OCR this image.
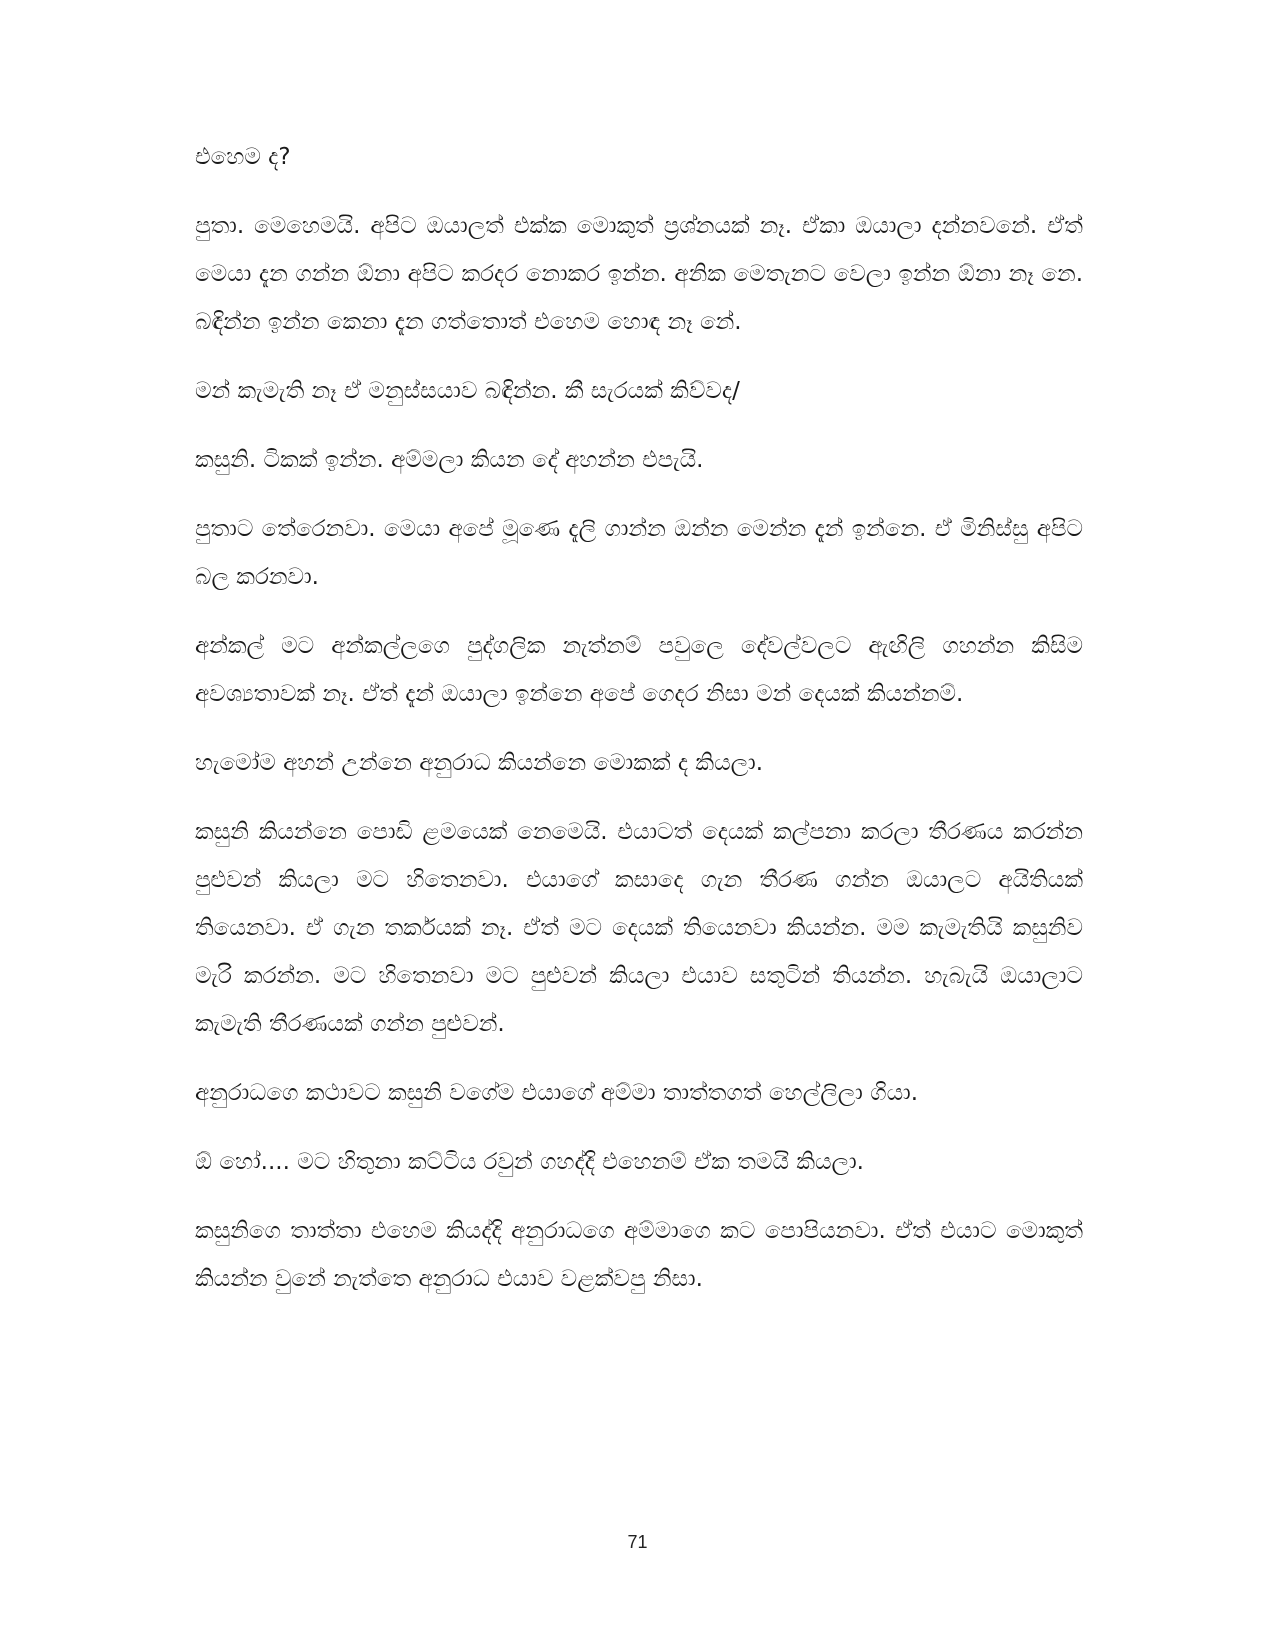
එහෙම ද?

පුතා. මෙහෙමයි. අපිට ඔයාලත් එක්ක මොකුත් ප්‍රශ්නයක් නෑ. ඒකා ඔයාලා දන්නවනේ. ඒත් මෙයා දැන ගන්න ඕනා අපිට කරදර නොකර ඉන්න. අනික මෙතැනට වෙලා ඉන්න ඕනා නෑ නෙ. බඳින්න ඉන්න කෙනා දැන ගත්තොත් එහෙම හොඳ නෑ නේ.

මන් කැමැති නෑ ඒ මනුස්සයාව බඳින්න. කී සැරයක් කිව්වද/

කසුනි. ටිකක් ඉන්න. අම්මලා කියන දේ අහන්න එපැයි.

පුතාට තේරෙනවා. මෙයා අපේ මූණෙ දැලි ගාන්න ඔන්න මෙන්න දැන් ඉන්නෙ. ඒ මිනිස්සු අපිට බල කරනවා.

අන්කල් මට අන්කල්ලගෙ පුද්ගලික නැත්නම් පවුලෙ දේවල්වලට ඇඟිලි ගහන්න කිසිම අවශ්‍යතාවක් නෑ. ඒත් දැන් ඔයාලා ඉන්නෙ අපේ ගෙදර නිසා මන් දෙයක් කියන්නම්.

හැමෝම අහන් උන්නෙ අනුරාධ කියන්නෙ මොකක් ද කියලා.

කසුනි කියන්නෙ පොඩි ළමයෙක් නෙමෙයි. එයාටත් දෙයක් කල්පනා කරලා තීරණය කරන්න පුළුවන් කියලා මට හිතෙනවා. එයාගේ කසාදෙ ගැන තීරණ ගන්න ඔයාලට අයිතියක් තියෙනවා. ඒ ගැන තර්කයක් නෑ. ඒත් මට දෙයක් තියෙනවා කියන්න. මම කැමැතියි කසුනිව මැරි කරන්න. මට හිතෙනවා මට පුළුවන් කියලා එයාව සතුටින් තියන්න. හැබැයි ඔයාලාට කැමැති තීරණයක් ගන්න පුළුවන්.

අනුරාධගෙ කථාවට කසුනි වගේම එයාගේ අම්මා තාත්තගත් හෙල්ලිලා ගියා.

ඕ හෝ.... මට හිතුනා කට්ටිය රවුන් ගහද්දි එහෙනම් ඒක තමයි කියලා.

කසුනිගෙ තාත්තා එහෙම කියද්දි අනුරාධගෙ අම්මාගෙ කට පොපියනවා. ඒත් එයාට මොකුත් කියන්න වුනේ නැත්තෙ අනුරාධ එයාව වළක්වපු නිසා.

71
